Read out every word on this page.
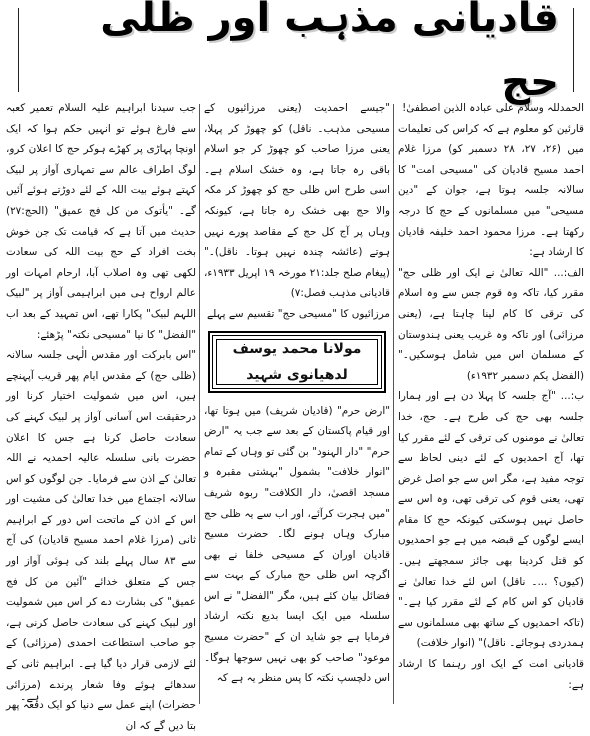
قادیانی مذہب اور ظلی حج

الحمدللہ وسلام علی عبادہ الذین اصطفیٰ!

قارئین کو معلوم ہے کہ کراس کی تعلیمات میں (۲۶، ۲۷، ۲۸ دسمبر کو) مرزا غلام احمد مسیح قادیان کی "مسیحی امت" کا سالانہ جلسہ ہوتا ہے، جوان کے "دین مسیحی" میں مسلمانوں کے حج کا درجہ رکھتا ہے۔ مرزا محمود احمد خلیفہ قادیان کا ارشاد ہے:

الف:... "اللہ تعالیٰ نے ایک اور ظلی حج" مقرر کیا، تاکہ وہ قوم جس سے وہ اسلام کی ترقی کا کام لینا چاہتا ہے، (یعنی مرزائی) اور تاکہ وہ غریب یعنی ہندوستان کے مسلمان اس میں شامل ہوسکیں۔" (الفضل یکم دسمبر ۱۹۳۲ء)

ب:... "آج جلسہ کا پہلا دن ہے اور ہمارا جلسہ بھی حج کی طرح ہے۔ حج، خدا تعالیٰ نے مومنوں کی ترقی کے لئے مقرر کیا تھا، آج احمدیوں کے لئے دینی لحاظ سے توجہ مفید ہے، مگر اس سے جو اصل غرض تھی، یعنی قوم کی ترقی تھی، وہ اس سے حاصل نہیں ہوسکتی کیونکہ حج کا مقام ایسے لوگوں کے قبضہ میں ہے جو احمدیوں کو قتل کردینا بھی جائز سمجھتے ہیں۔ (کیوں؟ ...۔ ناقل) اس لئے خدا تعالیٰ نے قادیان کو اس کام کے لئے مقرر کیا ہے۔" (تاکہ احمدیوں کے ساتھ بھی مسلمانوں سے ہمدردی ہوجائے۔ ناقل)" (انوار خلافت)

قادیانی امت کے ایک اور رہنما کا ارشاد ہے:

"جیسے احمدیت (یعنی مرزائیوں کے مسیحی مذہب۔ ناقل) کو چھوڑ کر پہلا، یعنی مرزا صاحب کو چھوڑ کر جو اسلام باقی رہ جاتا ہے، وہ خشک اسلام ہے۔ اسی طرح اس ظلی حج کو چھوڑ کر مکہ والا حج بھی خشک رہ جاتا ہے، کیونکہ وہاں پر آج کل حج کے مقاصد پورے نہیں ہوتے (عائشہ چندہ نہیں ہوتا۔ ناقل)۔" (پیغام صلح جلد:۲۱ مورخہ ۱۹ اپریل ۱۹۳۳ء، قادیانی مذہب فصل:۷)

مرزائیوں کا "مسیحی حج" تقسیم سے پہلے

مولانا محمد یوسف لدھیانوی شہید

"ارض حرم" (قادیان شریف) میں ہوتا تھا، اور قیام پاکستان کے بعد سے جب یہ "ارض حرم" "دار الہنود" بن گئی تو وہاں کے تمام "انوار خلافت" بشمول "بہشتی مقبرہ و مسجد اقصیٰ، دار الکلافت" ربوہ شریف "میں ہجرت کرآئے، اور اب سے یہ ظلی حج مبارک وہاں ہونے لگا۔ حضرت مسیح قادیان اوران کے مسیحی خلفا نے بھی اگرچہ اس ظلی حج مبارک کے بہت سے فضائل بیان کئے ہیں، مگر "الفضل" نے اس سلسلہ میں ایک ایسا بدیع نکتہ ارشاد فرمایا ہے جو شاید ان کے "حضرت مسیح موعود" صاحب کو بھی نہیں سوجھا ہوگا۔ اس دلچسپ نکتہ کا پس منظر یہ ہے کہ

جب سیدنا ابراہیم علیہ السلام تعمیر کعبہ سے فارغ ہوئے تو انہیں حکم ہوا کہ ایک اونچا پہاڑی پر کھڑے ہوکر حج کا اعلان کرو، لوگ اطراف عالم سے تمہاری آواز پر لبیک کہتے ہوئے بیت اللہ کے لئے دوڑتے ہوئے آئیں گے۔ "یأتوک من کل فج عمیق" (الحج:۲۷) حدیث میں آتا ہے کہ قیامت تک جن خوش بخت افراد کے حج بیت اللہ کی سعادت لکھی تھی وہ اصلاب آبا، ارحام امہات اور عالم ارواح ہی میں ابراہیمی آواز پر "لبیک اللہم لبیک" پکارا تھے، اس تمہید کے بعد اب "الفضل" کا نیا "مسیحی نکتہ" پڑھئے:

"اس بابرکت اور مقدس الٰہی جلسہ سالانہ (ظلی حج) کے مقدس ایام پھر قریب آپہنچے ہیں، اس میں شمولیت اختیار کرنا اور درحقیقت اس آسانی آواز پر لبیک کہنے کی سعادت حاصل کرنا ہے جس کا اعلان حضرت بانی سلسلہ عالیہ احمدیہ نے اللہ تعالیٰ کے اذن سے فرمایا۔ جن لوگوں کو اس سالانہ اجتماع میں خدا تعالیٰ کی مشیت اور اس کے اذن کے ماتحت اس دور کے ابراہیم ثانی (مرزا غلام احمد مسیح قادیان) کی آج سے ۸۳ سال پہلے بلند کی ہوئی آواز اور جس کے متعلق خدائے "آئین من کل فج عمیق" کی بشارت دے کر اس میں شمولیت اور لبیک کہنے کی سعادت حاصل کرنی ہے، جو صاحب استطاعت احمدی (مرزائی) کے لئے لازمی قرار دیا گیا ہے۔ ابراہیم ثانی کے سدھائے ہوئے وفا شعار پرندے (مرزائی حضرات) اپنے عمل سے دنیا کو ایک دفعہ پھر بتا دیں گے کہ ان

ہے۔
